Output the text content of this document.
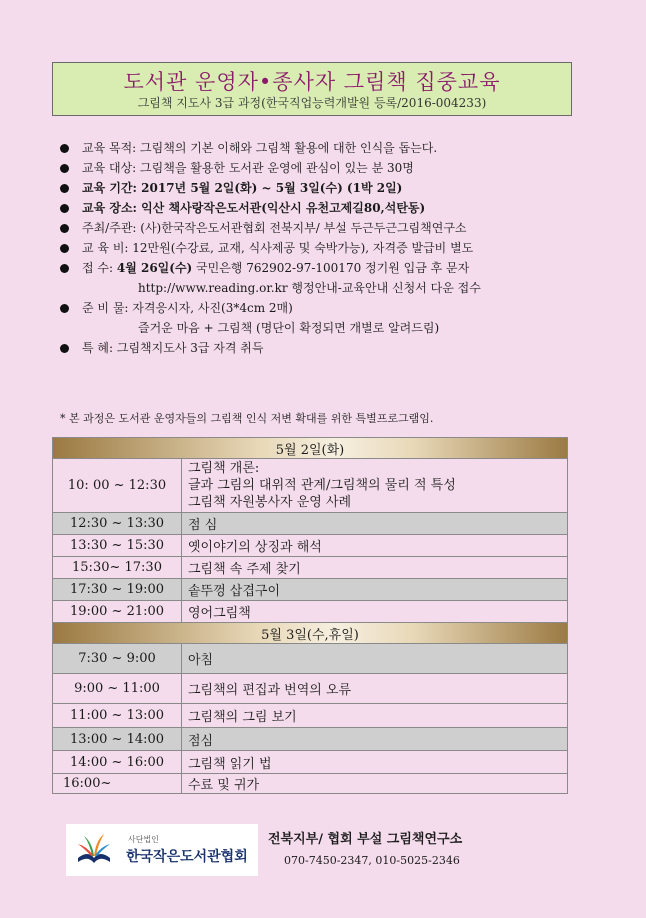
도서관 운영자•종사자 그림책 집중교육
그림책 지도사 3급 과정(한국직업능력개발원 등록/2016-004233)
교육 목적: 그림책의 기본 이해와 그림책 활용에 대한 인식을 돕는다.
교육 대상: 그림책을 활용한 도서관 운영에 관심이 있는 분 30명
교육 기간: 2017년 5월 2일(화) ~ 5월 3일(수) (1박 2일)
교육 장소: 익산 책사랑작은도서관(익산시 유천고제길80,석탄동)
주최/주관: (사)한국작은도서관협회 전북지부/ 부설 두근두근그림책연구소
교 육 비: 12만원(수강료, 교재, 식사제공 및 숙박가능), 자격증 발급비 별도
접 수: 4월 26일(수) 국민은행 762902-97-100170 정기원 입금 후 문자
http://www.reading.or.kr 행정안내-교육안내 신청서 다운 접수
준 비 물: 자격응시자, 사진(3*4cm 2매)
즐거운 마음 + 그림책 (명단이 확정되면 개별로 알려드림)
특 혜: 그림책지도사 3급 자격 취득
* 본 과정은 도서관 운영자들의 그림책 인식 저변 확대를 위한 특별프로그램임.
5월 2일(화)	
10: 00 ~ 12:30	그림책 개론:
글과 그림의 대위적 관계/그림책의 물리 적 특성
그림책 자원봉사자 운영 사례

12:30 ~ 13:30	점 심
13:30 ~ 15:30	옛이야기의 상징과 해석
15:30~ 17:30	그림책 속 주제 찾기
17:30 ~ 19:00	솥뚜껑 삽겹구이
19:00 ~ 21:00	영어그림책
5월 3일(수,휴일)	
7:30 ~ 9:00	아침
9:00 ~ 11:00	그림책의 편집과 번역의 오류
11:00 ~ 13:00	그림책의 그림 보기
13:00 ~ 14:00	점심
14:00 ~ 16:00	그림책 읽기 법
16:00~	수료 및 귀가
사단법인
한국작은도서관협회
전북지부/ 협회 부설 그림책연구소
070-7450-2347, 010-5025-2346
